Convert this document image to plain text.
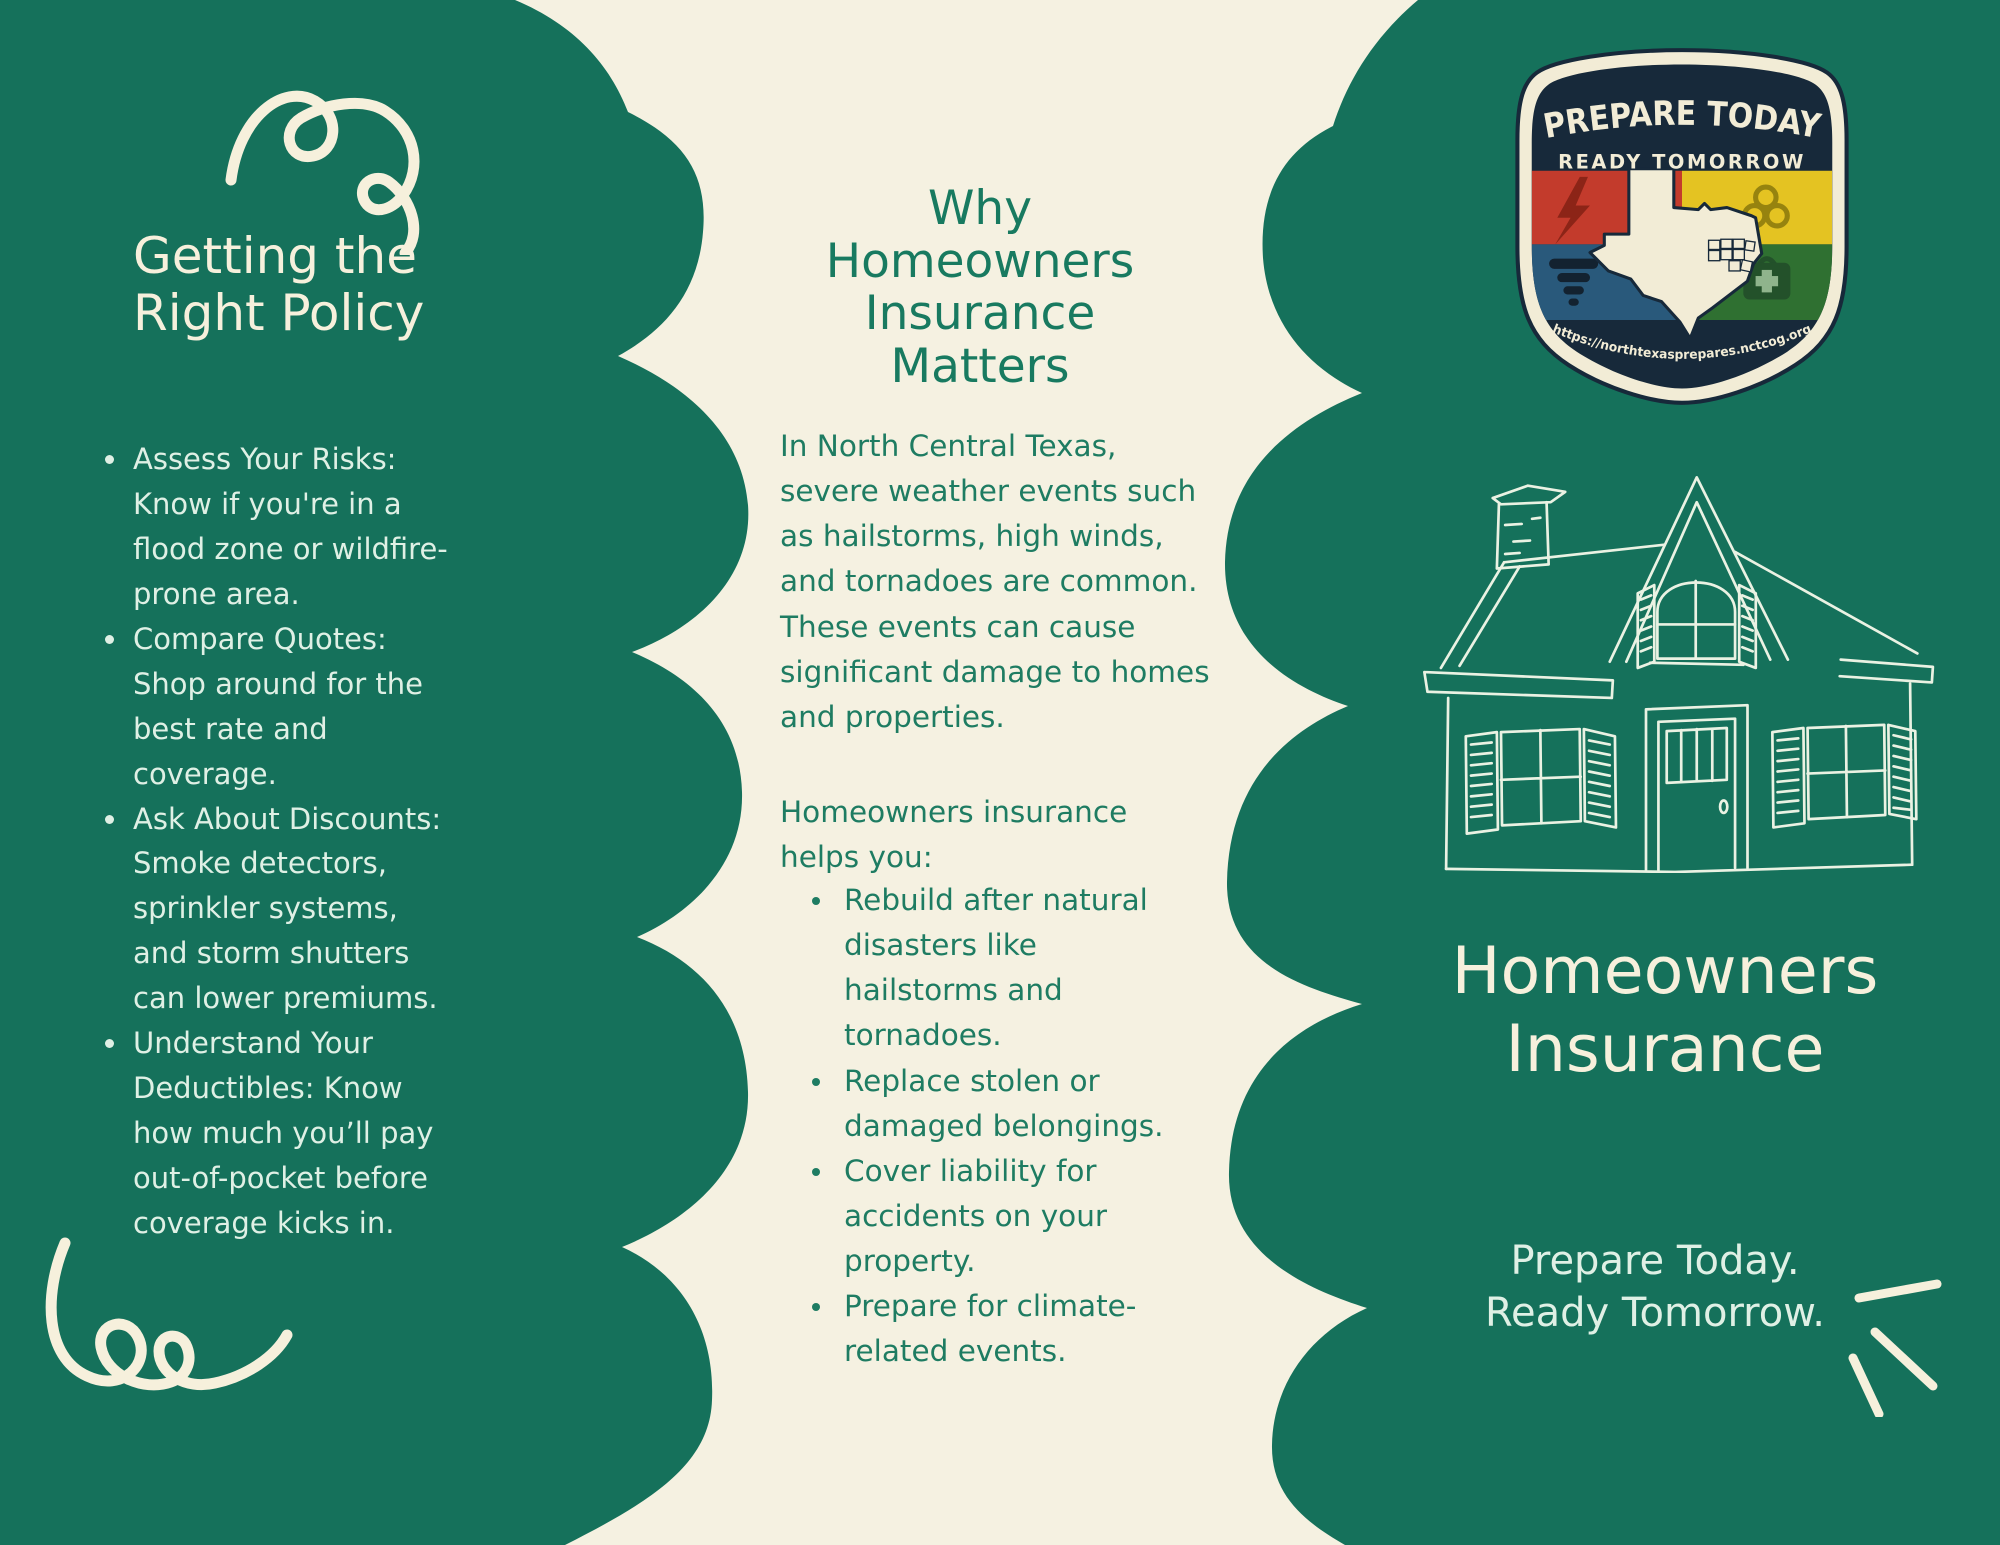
Getting the Right Policy
Assess Your Risks: Know if you're in a flood zone or wildfire-prone area.
Compare Quotes: Shop around for the best rate and coverage.
Ask About Discounts: Smoke detectors, sprinkler systems, and storm shutters can lower premiums.
Understand Your Deductibles: Know how much you’ll pay out-of-pocket before coverage kicks in.
Why Homeowners Insurance Matters
In North Central Texas, severe weather events such as hailstorms, high winds, and tornadoes are common. These events can cause significant damage to homes and properties.
Homeowners insurance helps you:
Rebuild after natural disasters like hailstorms and tornadoes.
Replace stolen or damaged belongings.
Cover liability for accidents on your property.
Prepare for climate-related events.
PREPARE TODAY
READY TOMORROW
https://northtexasprepares.nctcog.org
Homeowners Insurance
Prepare Today.
Ready Tomorrow.
